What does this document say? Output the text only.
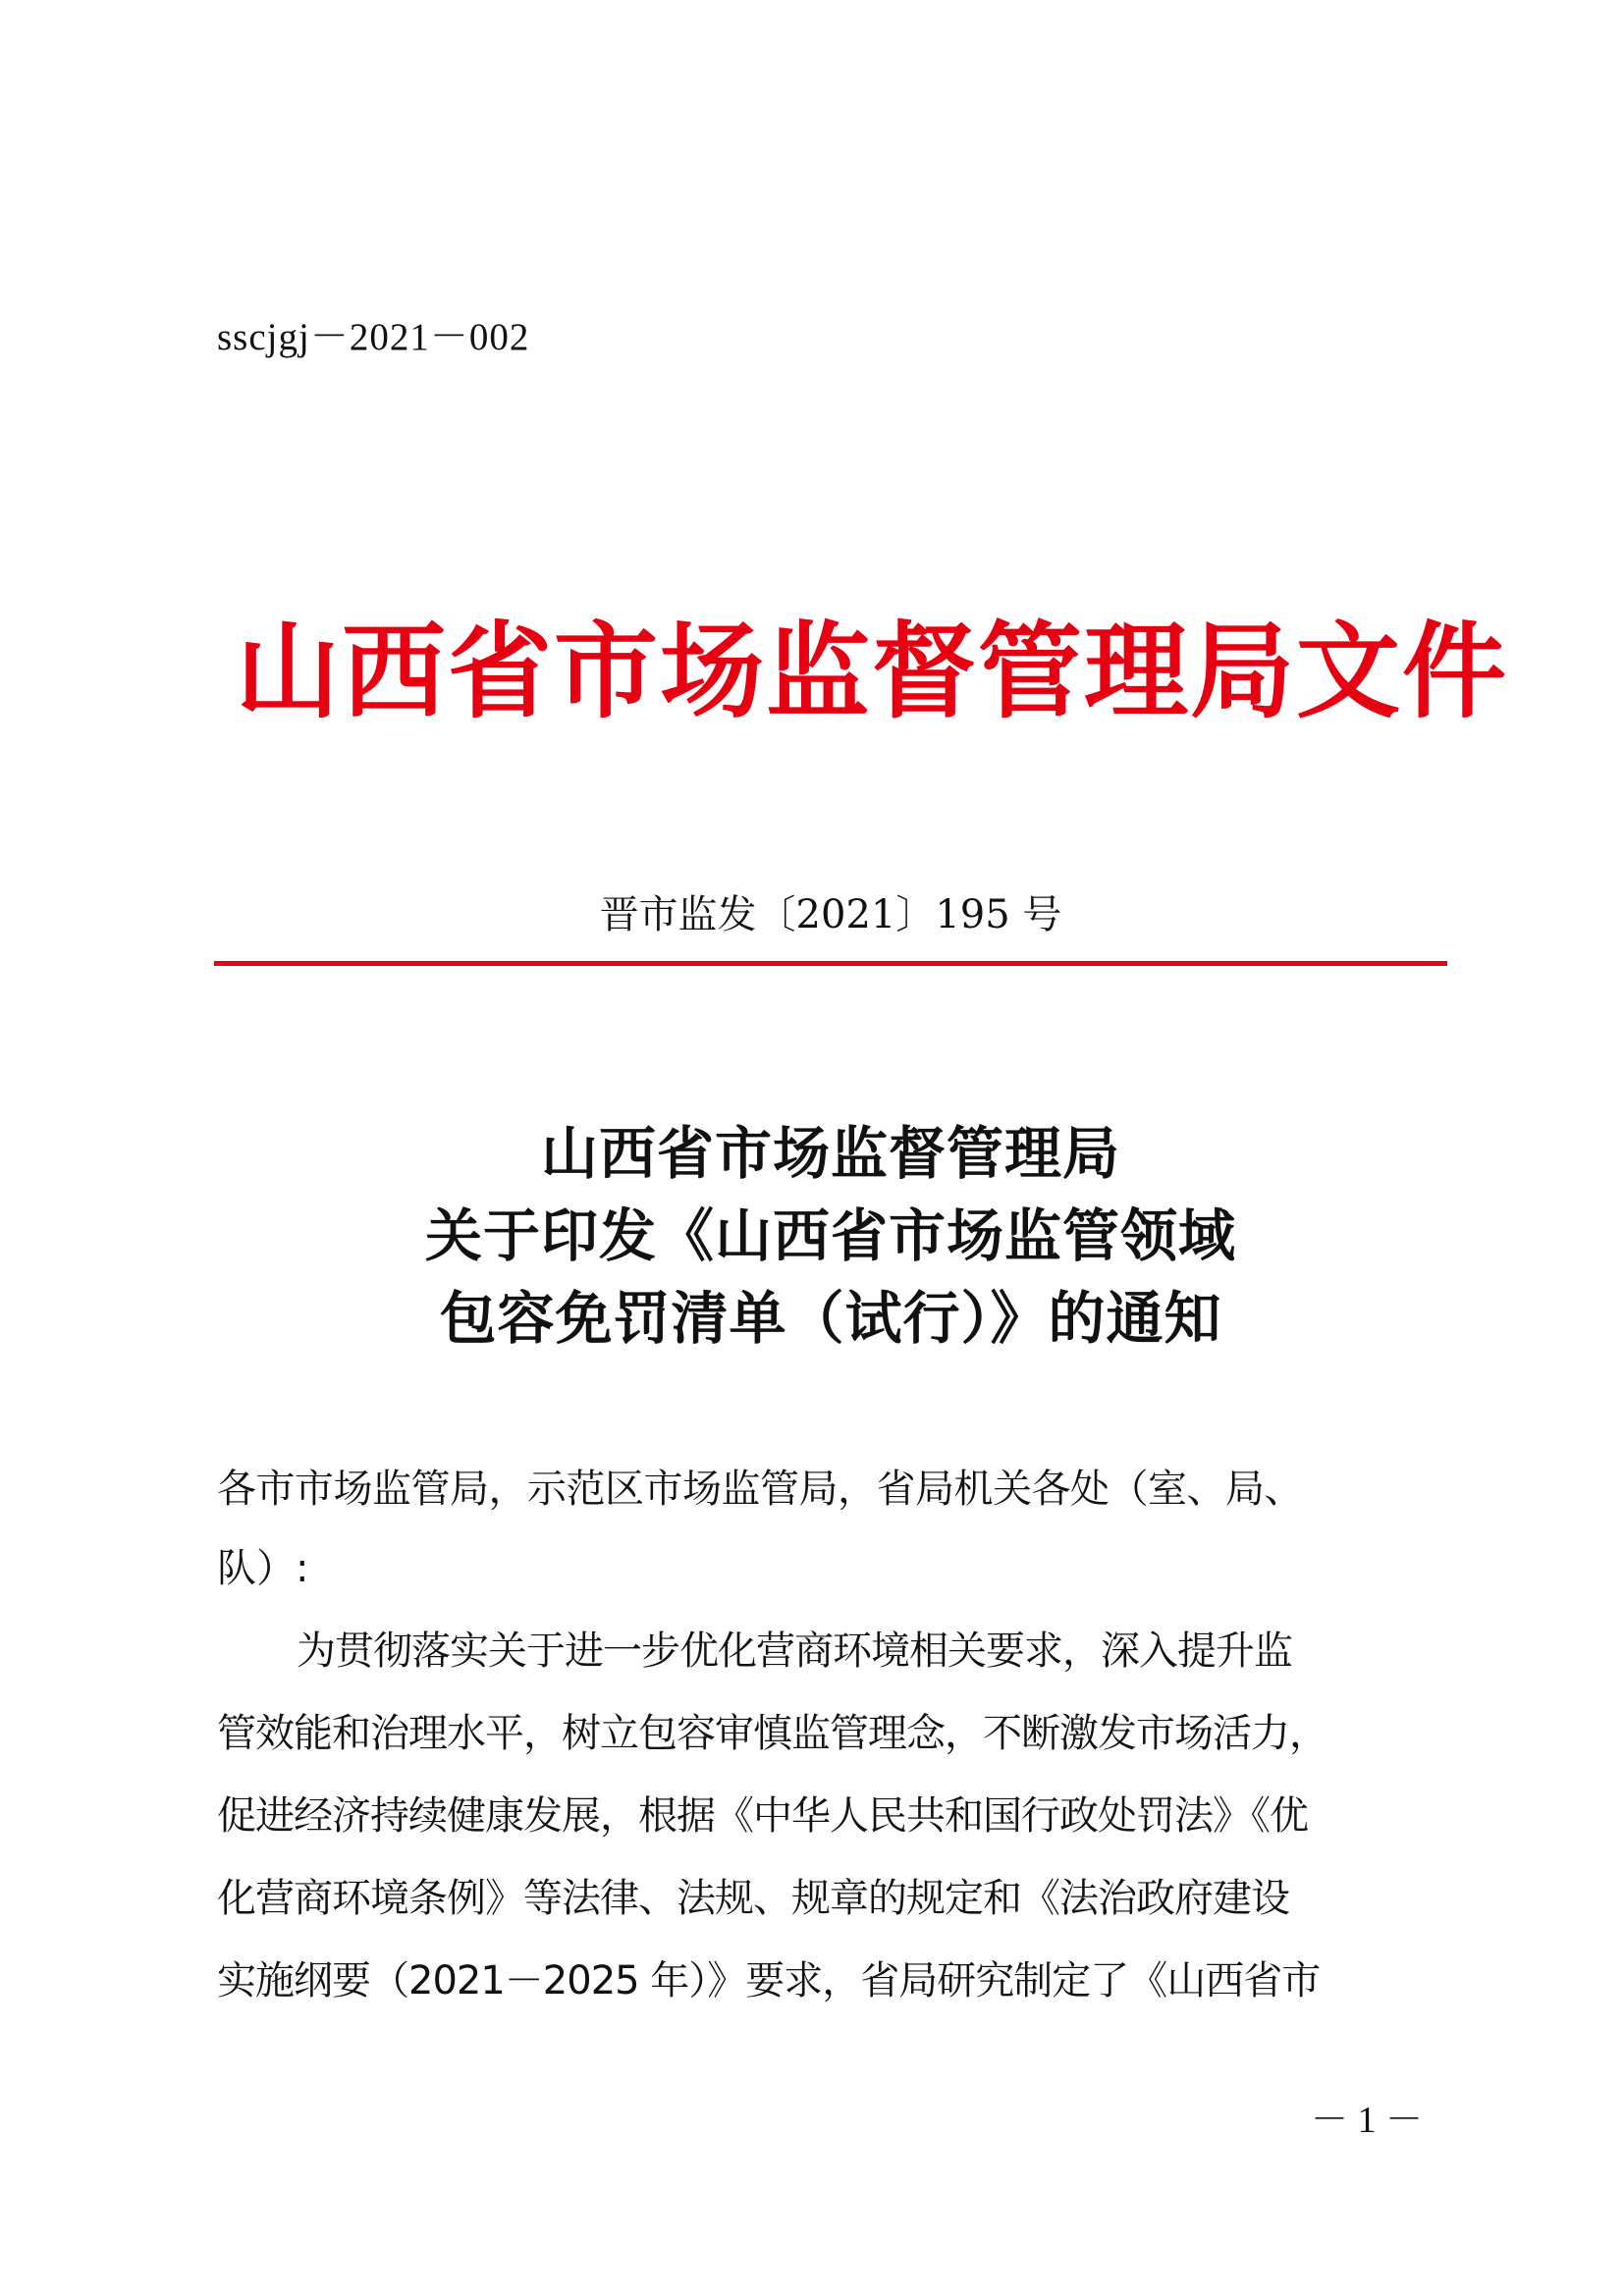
sscjgj－2021－002
山西省市场监督管理局文件
晋市监发〔2021〕195 号
山西省市场监督管理局
关于印发《山西省市场监管领域
包容免罚清单（试行）》的通知
各市市场监管局，示范区市场监管局，省局机关各处（室、局、
队）:
为贯彻落实关于进一步优化营商环境相关要求，深入提升监
管效能和治理水平，树立包容审慎监管理念，不断激发市场活力，
促进经济持续健康发展，根据《中华人民共和国行政处罚法》《优
化营商环境条例》等法律、法规、规章的规定和《法治政府建设
实施纲要（2021－2025 年）》要求，省局研究制定了《山西省市
－ 1 －
